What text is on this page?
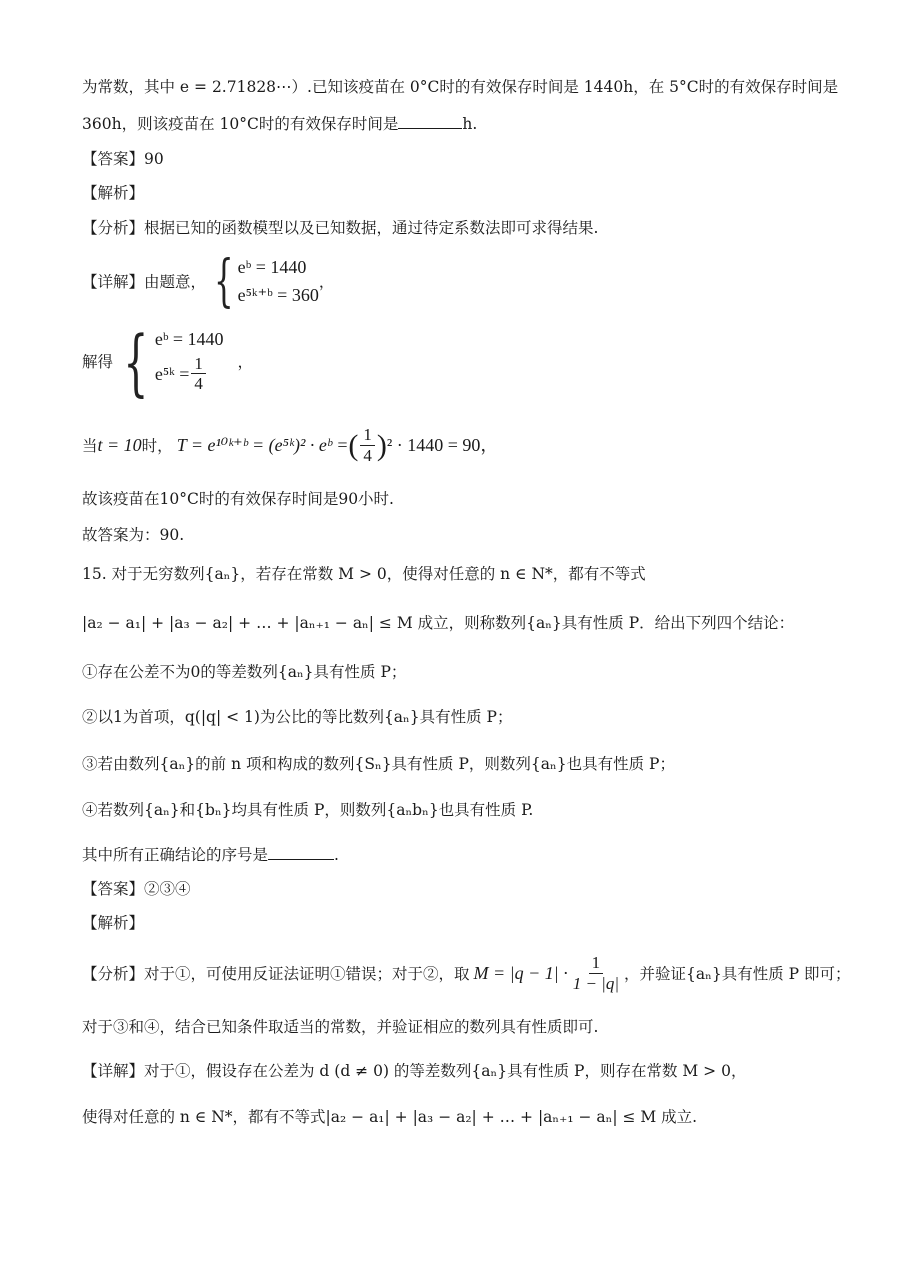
为常数，其中 e = 2.71828⋯）.已知该疫苗在 0°C时的有效保存时间是 1440h，在 5°C时的有效保存时间是
360h，则该疫苗在 10°C时的有效保存时间是	h.
【答案】90
【解析】
【分析】根据已知的函数模型以及已知数据，通过待定系数法即可求得结果.
【详解】由题意， { eᵇ = 1440
e⁵ᵏ⁺ᵇ = 360
，
解得 { eᵇ = 1440
e⁵ᵏ = $\frac{1}{4}$ ，
当 t = 10 时， T = e¹⁰ᵏ⁺ᵇ = (e⁵ᵏ)² · eᵇ = ( $\frac{1}{4}$ ) ² · 1440 = 90，
故该疫苗在10°C时的有效保存时间是90小时.
故答案为：90.
15. 对于无穷数列{aₙ}，若存在常数 M > 0，使得对任意的 n ∈ N*，都有不等式
|a₂ − a₁| + |a₃ − a₂| + … + |aₙ₊₁ − aₙ| ≤ M 成立，则称数列{aₙ}具有性质 P．给出下列四个结论：
①存在公差不为0的等差数列{aₙ}具有性质 P；
②以1为首项，q(|q| < 1)为公比的等比数列{aₙ}具有性质 P；
③若由数列{aₙ}的前 n 项和构成的数列{Sₙ}具有性质 P，则数列{aₙ}也具有性质 P；
④若数列{aₙ}和{bₙ}均具有性质 P，则数列{aₙbₙ}也具有性质 P.
其中所有正确结论的序号是	.
【答案】②③④
【解析】
【分析】对于①，可使用反证法证明①错误；对于②，取 $M = |q - 1| \cdot \frac{1}{1 - |q|}$ ，并验证{aₙ}具有性质 P 即可；
对于③和④，结合已知条件取适当的常数，并验证相应的数列具有性质即可.
【详解】对于①，假设存在公差为 d (d ≠ 0) 的等差数列{aₙ}具有性质 P，则存在常数 M > 0，
使得对任意的 n ∈ N*，都有不等式|a₂ − a₁| + |a₃ − a₂| + … + |aₙ₊₁ − aₙ| ≤ M 成立.
